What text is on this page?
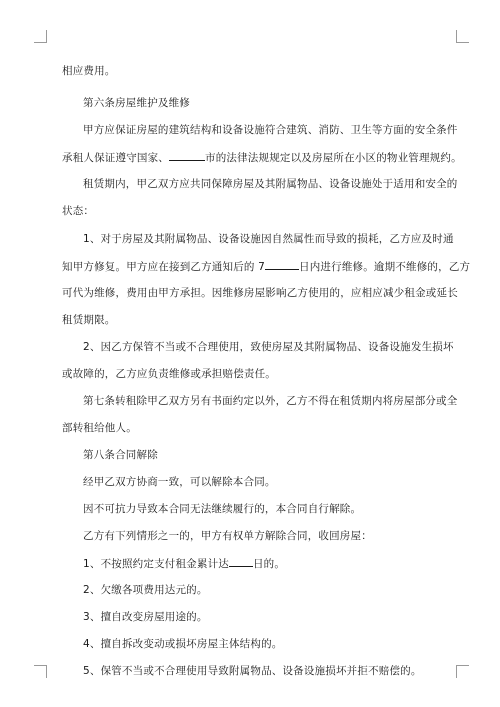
相应费用。
第六条房屋维护及维修
甲方应保证房屋的建筑结构和设备设施符合建筑、消防、卫生等方面的安全条件
承租人保证遵守国家、	市的法律法规规定以及房屋所在小区的物业管理规约。
租赁期内，甲乙双方应共同保障房屋及其附属物品、设备设施处于适用和安全的
状态：
1、对于房屋及其附属物品、设备设施因自然属性而导致的损耗，乙方应及时通
知甲方修复。甲方应在接到乙方通知后的 7	日内进行维修。逾期不维修的，乙方
可代为维修，费用由甲方承担。因维修房屋影响乙方使用的，应相应减少租金或延长
租赁期限。
2、因乙方保管不当或不合理使用，致使房屋及其附属物品、设备设施发生损坏
或故障的，乙方应负责维修或承担赔偿责任。
第七条转租除甲乙双方另有书面约定以外，乙方不得在租赁期内将房屋部分或全
部转租给他人。
第八条合同解除
经甲乙双方协商一致，可以解除本合同。
因不可抗力导致本合同无法继续履行的，本合同自行解除。
乙方有下列情形之一的，甲方有权单方解除合同，收回房屋：
1、不按照约定支付租金累计达 日的。
2、欠缴各项费用达元的。
3、擅自改变房屋用途的。
4、擅自拆改变动或损坏房屋主体结构的。
5、保管不当或不合理使用导致附属物品、设备设施损坏并拒不赔偿的。
